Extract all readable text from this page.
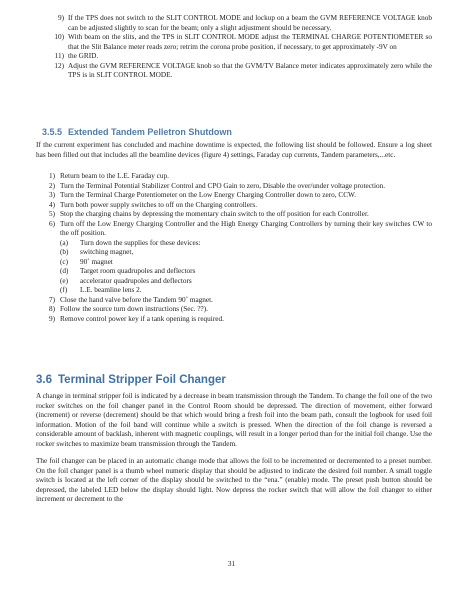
9) If the TPS does not switch to the SLIT CONTROL MODE and lockup on a beam the GVM REFERENCE VOLTAGE knob can be adjusted slightly to scan for the beam; only a slight adjustment should be necessary.
10) With beam on the slits, and the TPS in SLIT CONTROL MODE adjust the TERMINAL CHARGE POTENTIOMETER so that the Slit Balance meter reads zero; retrim the corona probe position, if necessary, to get approximately -9V on
11) the GRID.
12) Adjust the GVM REFERENCE VOLTAGE knob so that the GVM/TV Balance meter indicates approximately zero while the TPS is in SLIT CONTROL MODE.
3.5.5 Extended Tandem Pelletron Shutdown
If the current experiment has concluded and machine downtime is expected, the following list should be followed. Ensure a log sheet has been filled out that includes all the beamline devices (figure 4) settings, Faraday cup currents, Tandem parameters,...etc.
1) Return beam to the L.E. Faraday cup.
2) Turn the Terminal Potential Stabilizer Control and CPO Gain to zero, Disable the over/under voltage protection.
3) Turn the Terminal Charge Potentiometer on the Low Energy Charging Controller down to zero, CCW.
4) Turn both power supply switches to off on the Charging controllers.
5) Stop the charging chains by depressing the momentary chain switch to the off position for each Controller.
6) Turn off the Low Energy Charging Controller and the High Energy Charging Controllers by turning their key switches CW to the off position.
(a)	Turn down the supplies for these devices:
(b)	switching magnet,
(c)	90˚ magnet
(d)	Target room quadrupoles and deflectors
(e)	accelerator quadrupoles and deflectors
(f)	L.E. beamline lens 2.
7) Close the hand valve before the Tandem 90˚ magnet.
8) Follow the source turn down instructions (Sec. ??).
9) Remove control power key if a tank opening is required.
3.6 Terminal Stripper Foil Changer
A change in terminal stripper foil is indicated by a decrease in beam transmission through the Tandem. To change the foil one of the two rocker switches on the foil changer panel in the Control Room should be depressed. The direction of movement, either forward (increment) or reverse (decrement) should be that which would bring a fresh foil into the beam path, consult the logbook for used foil information. Motion of the foil band will continue while a switch is pressed. When the direction of the foil change is reversed a considerable amount of backlash, inherent with magnetic couplings, will result in a longer period than for the initial foil change. Use the rocker switches to maximize beam transmission through the Tandem.
The foil changer can be placed in an automatic change mode that allows the foil to be incremented or decremented to a preset number. On the foil changer panel is a thumb wheel numeric display that should be adjusted to indicate the desired foil number. A small toggle switch is located at the left corner of the display should be switched to the “ena.” (enable) mode. The preset push button should be depressed, the labeled LED below the display should light. Now depress the rocker switch that will allow the foil changer to either increment or decrement to the
31
